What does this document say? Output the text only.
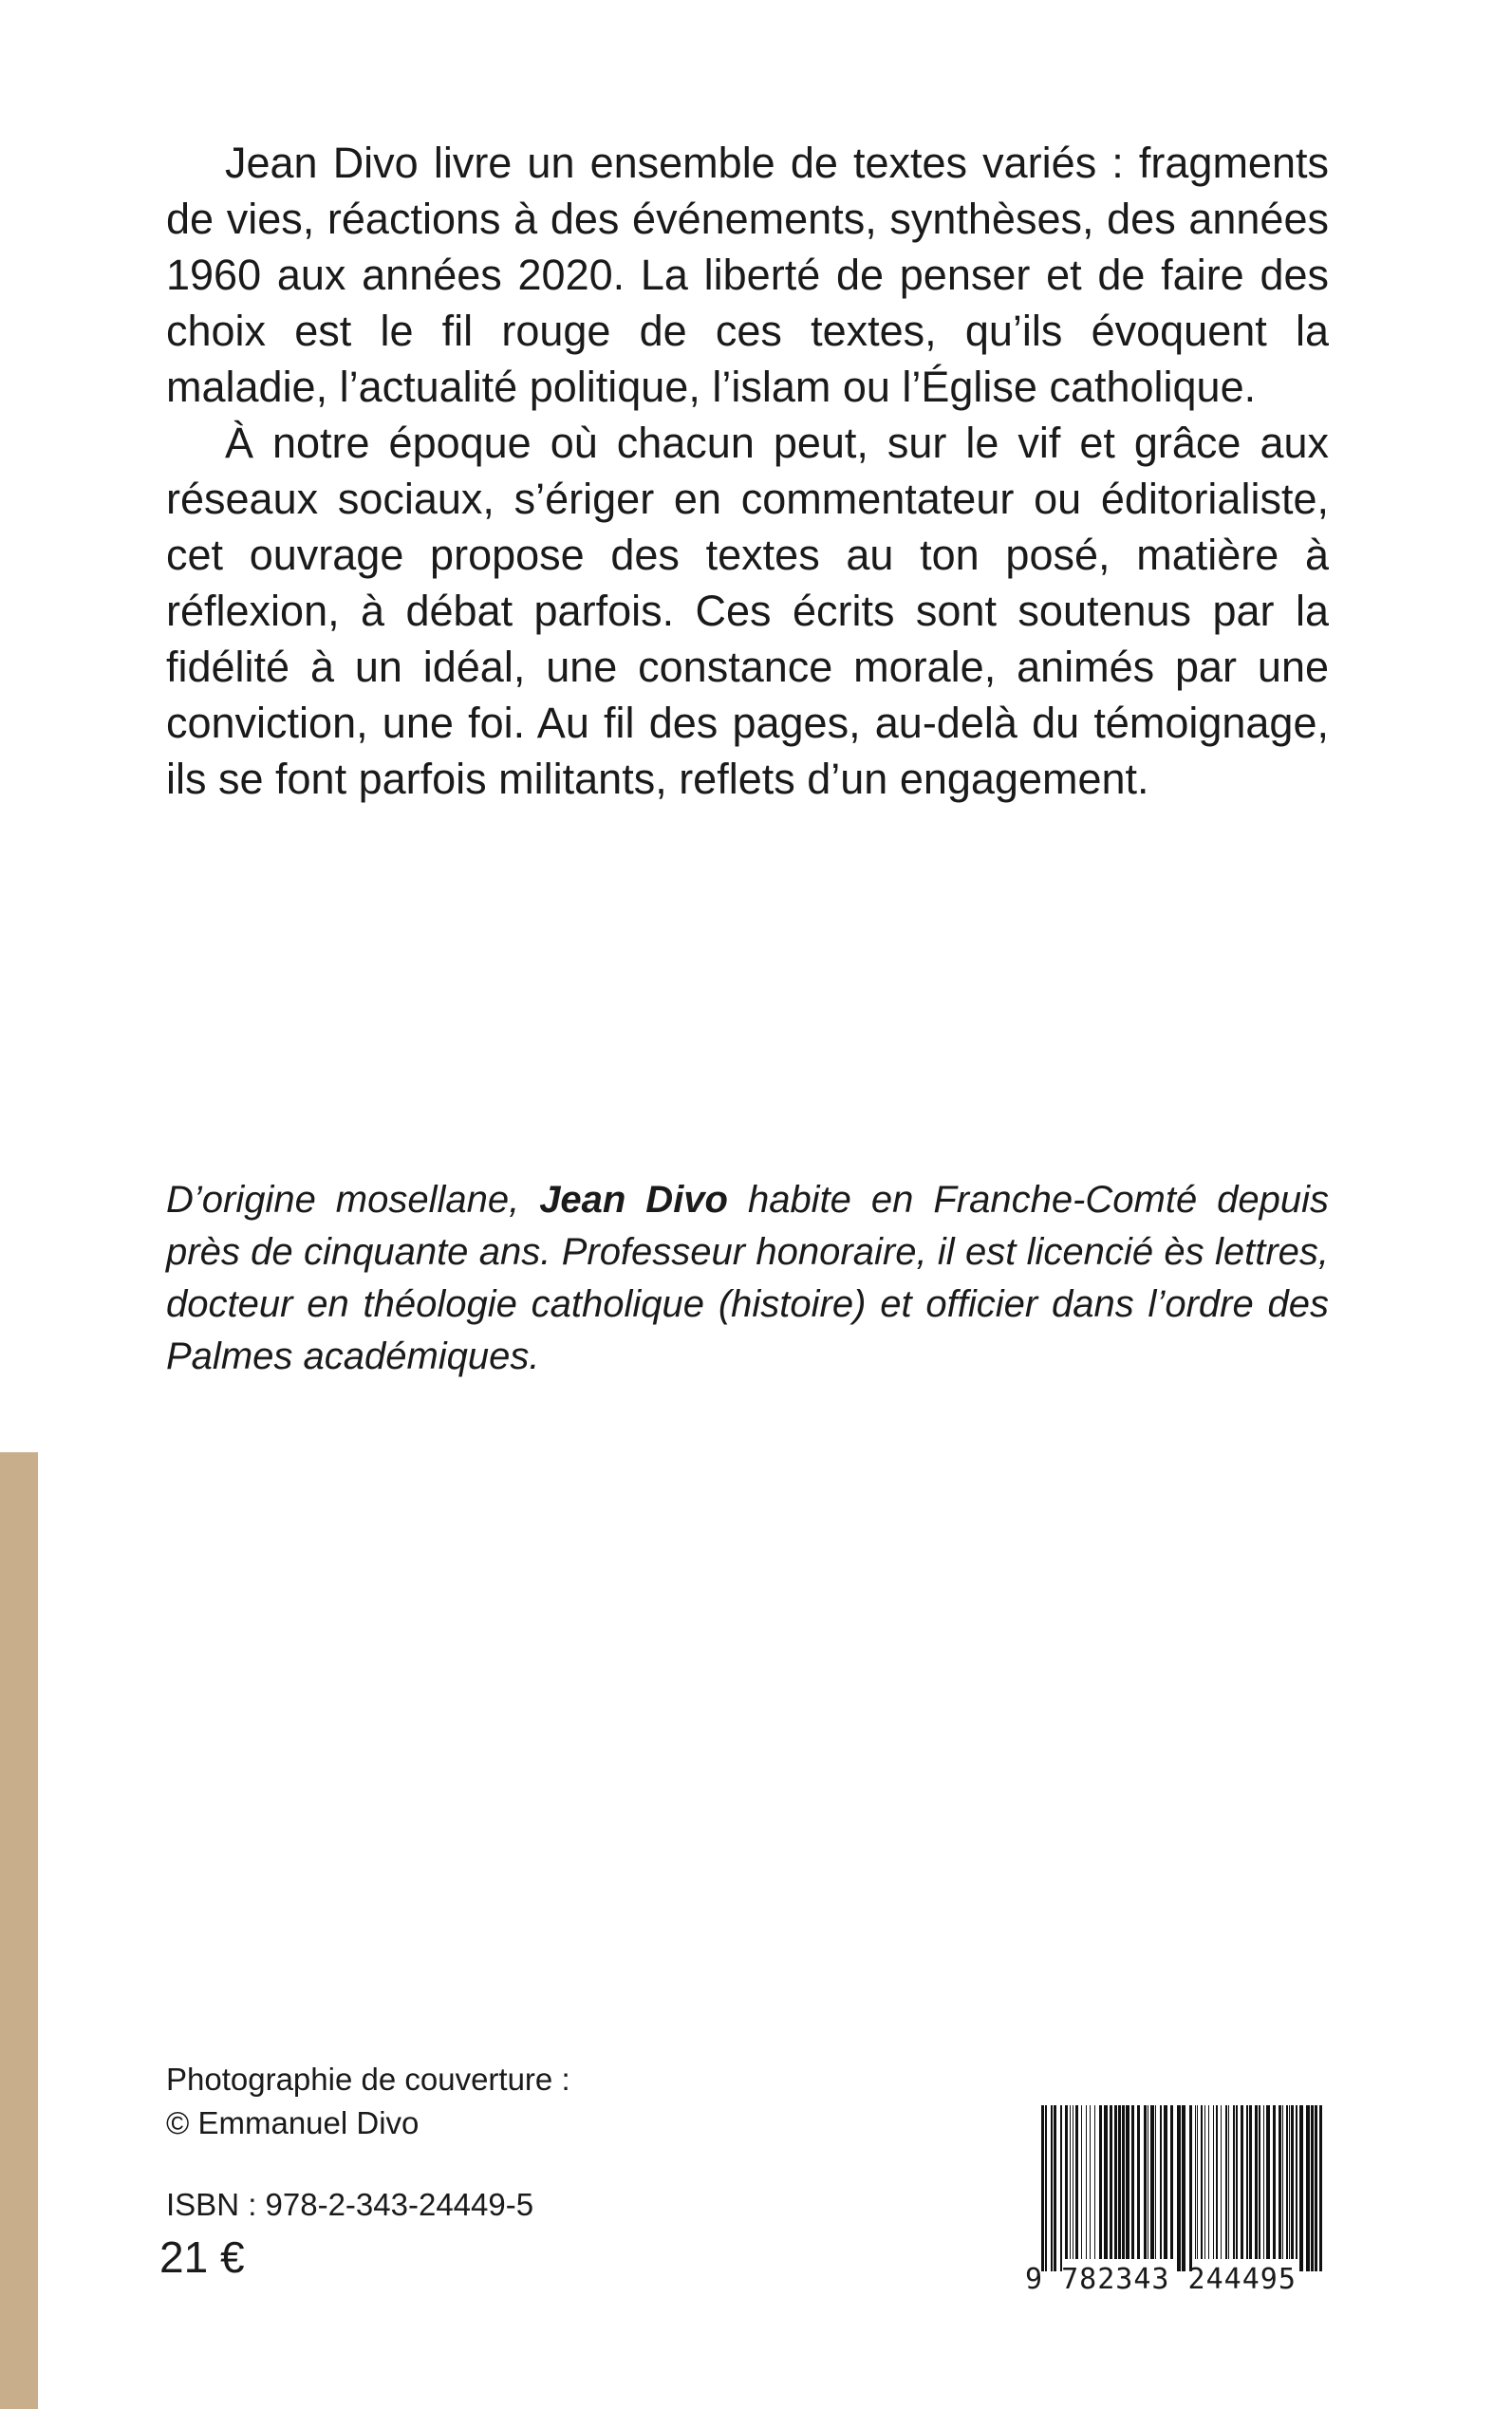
Jean Divo livre un ensemble de textes variés : fragments de vies, réactions à des événements, synthèses, des années 1960 aux années 2020. La liberté de penser et de faire des choix est le fil rouge de ces textes, qu’ils évoquent la maladie, l’actualité politique, l’islam ou l’Église catholique.

À notre époque où chacun peut, sur le vif et grâce aux réseaux sociaux, s’ériger en commentateur ou éditorialiste, cet ouvrage propose des textes au ton posé, matière à réflexion, à débat parfois. Ces écrits sont soutenus par la fidélité à un idéal, une constance morale, animés par une conviction, une foi. Au fil des pages, au-delà du témoignage, ils se font parfois militants, reflets d’un engagement.

D’origine mosellane, Jean Divo habite en Franche-Comté depuis près de cinquante ans. Professeur honoraire, il est licencié ès lettres, docteur en théologie catholique (histoire) et officier dans l’ordre des Palmes académiques.

Photographie de couverture :
© Emmanuel Divo
ISBN : 978-2-343-24449-5
21 €	9 782343 244495
